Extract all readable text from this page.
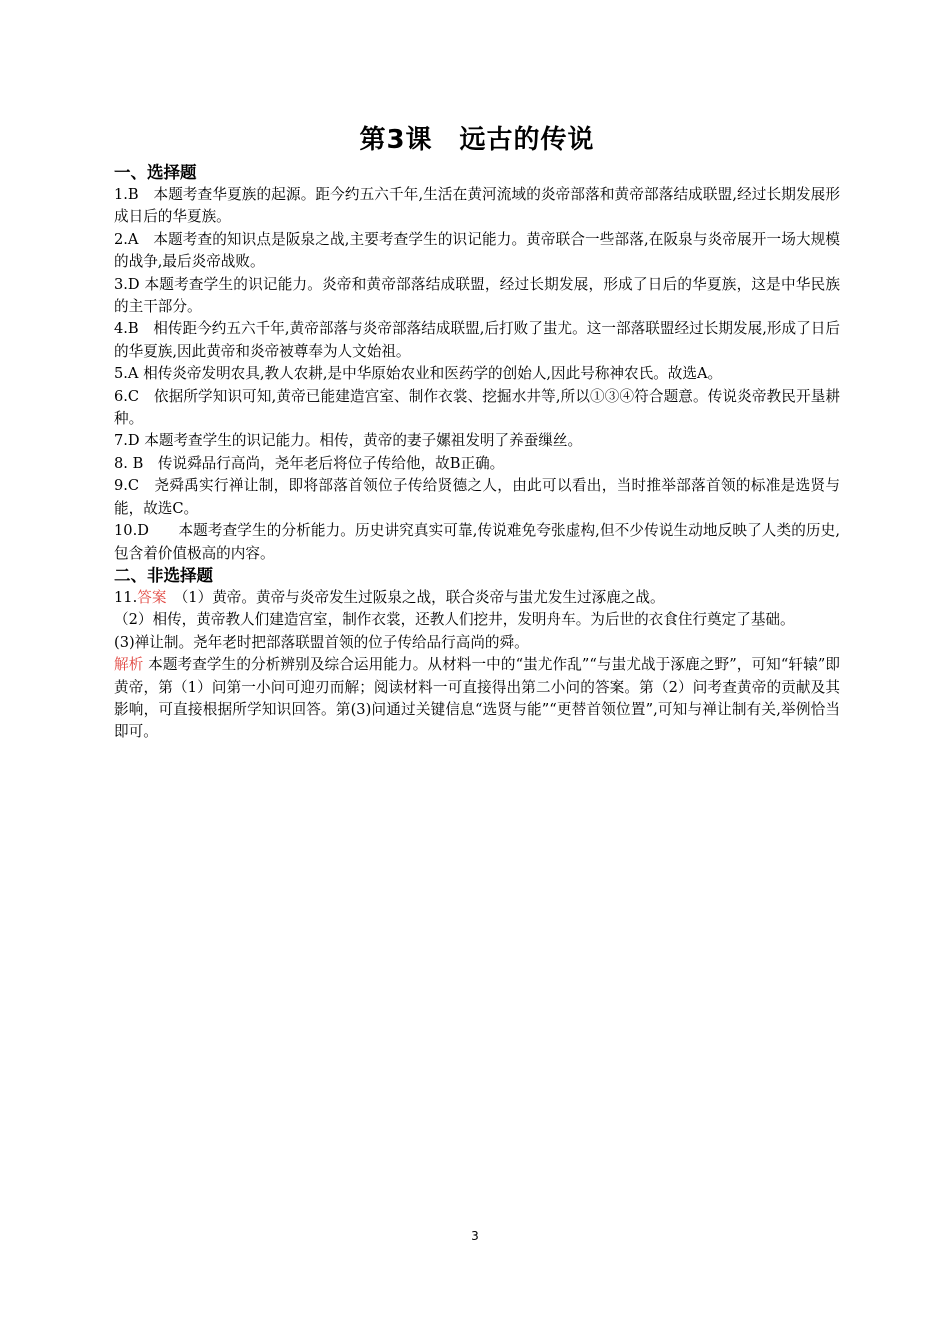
第3课　远古的传说
一、选择题

1.B　本题考查华夏族的起源。距今约五六千年,生活在黄河流域的炎帝部落和黄帝部落结成联盟,经过长期发展形成日后的华夏族。

2.A　本题考查的知识点是阪泉之战,主要考查学生的识记能力。黄帝联合一些部落,在阪泉与炎帝展开一场大规模的战争,最后炎帝战败。

3.D 本题考查学生的识记能力。炎帝和黄帝部落结成联盟，经过长期发展，形成了日后的华夏族，这是中华民族的主干部分。

4.B　相传距今约五六千年,黄帝部落与炎帝部落结成联盟,后打败了蚩尤。这一部落联盟经过长期发展,形成了日后的华夏族,因此黄帝和炎帝被尊奉为人文始祖。

5.A 相传炎帝发明农具,教人农耕,是中华原始农业和医药学的创始人,因此号称神农氏。故选A。

6.C　依据所学知识可知,黄帝已能建造宫室、制作衣裳、挖掘水井等,所以①③④符合题意。传说炎帝教民开垦耕种。

7.D 本题考查学生的识记能力。相传，黄帝的妻子嫘祖发明了养蚕缫丝。

8. B　传说舜品行高尚，尧年老后将位子传给他，故B正确。

9.C　尧舜禹实行禅让制，即将部落首领位子传给贤德之人，由此可以看出，当时推举部落首领的标准是选贤与能，故选C。

10.D　　本题考查学生的分析能力。历史讲究真实可靠,传说难免夸张虚构,但不少传说生动地反映了人类的历史,包含着价值极高的内容。

二、非选择题

11.答案　（1）黄帝。黄帝与炎帝发生过阪泉之战，联合炎帝与蚩尤发生过涿鹿之战。

（2）相传，黄帝教人们建造宫室，制作衣裳，还教人们挖井，发明舟车。为后世的衣食住行奠定了基础。

(3)禅让制。尧年老时把部落联盟首领的位子传给品行高尚的舜。

解析 本题考查学生的分析辨别及综合运用能力。从材料一中的“蚩尤作乱”“与蚩尤战于涿鹿之野”，可知“轩辕”即黄帝，第（1）问第一小问可迎刃而解；阅读材料一可直接得出第二小问的答案。第（2）问考查黄帝的贡献及其影响，可直接根据所学知识回答。第(3)问通过关键信息“选贤与能”“更替首领位置”,可知与禅让制有关,举例恰当即可。

3
